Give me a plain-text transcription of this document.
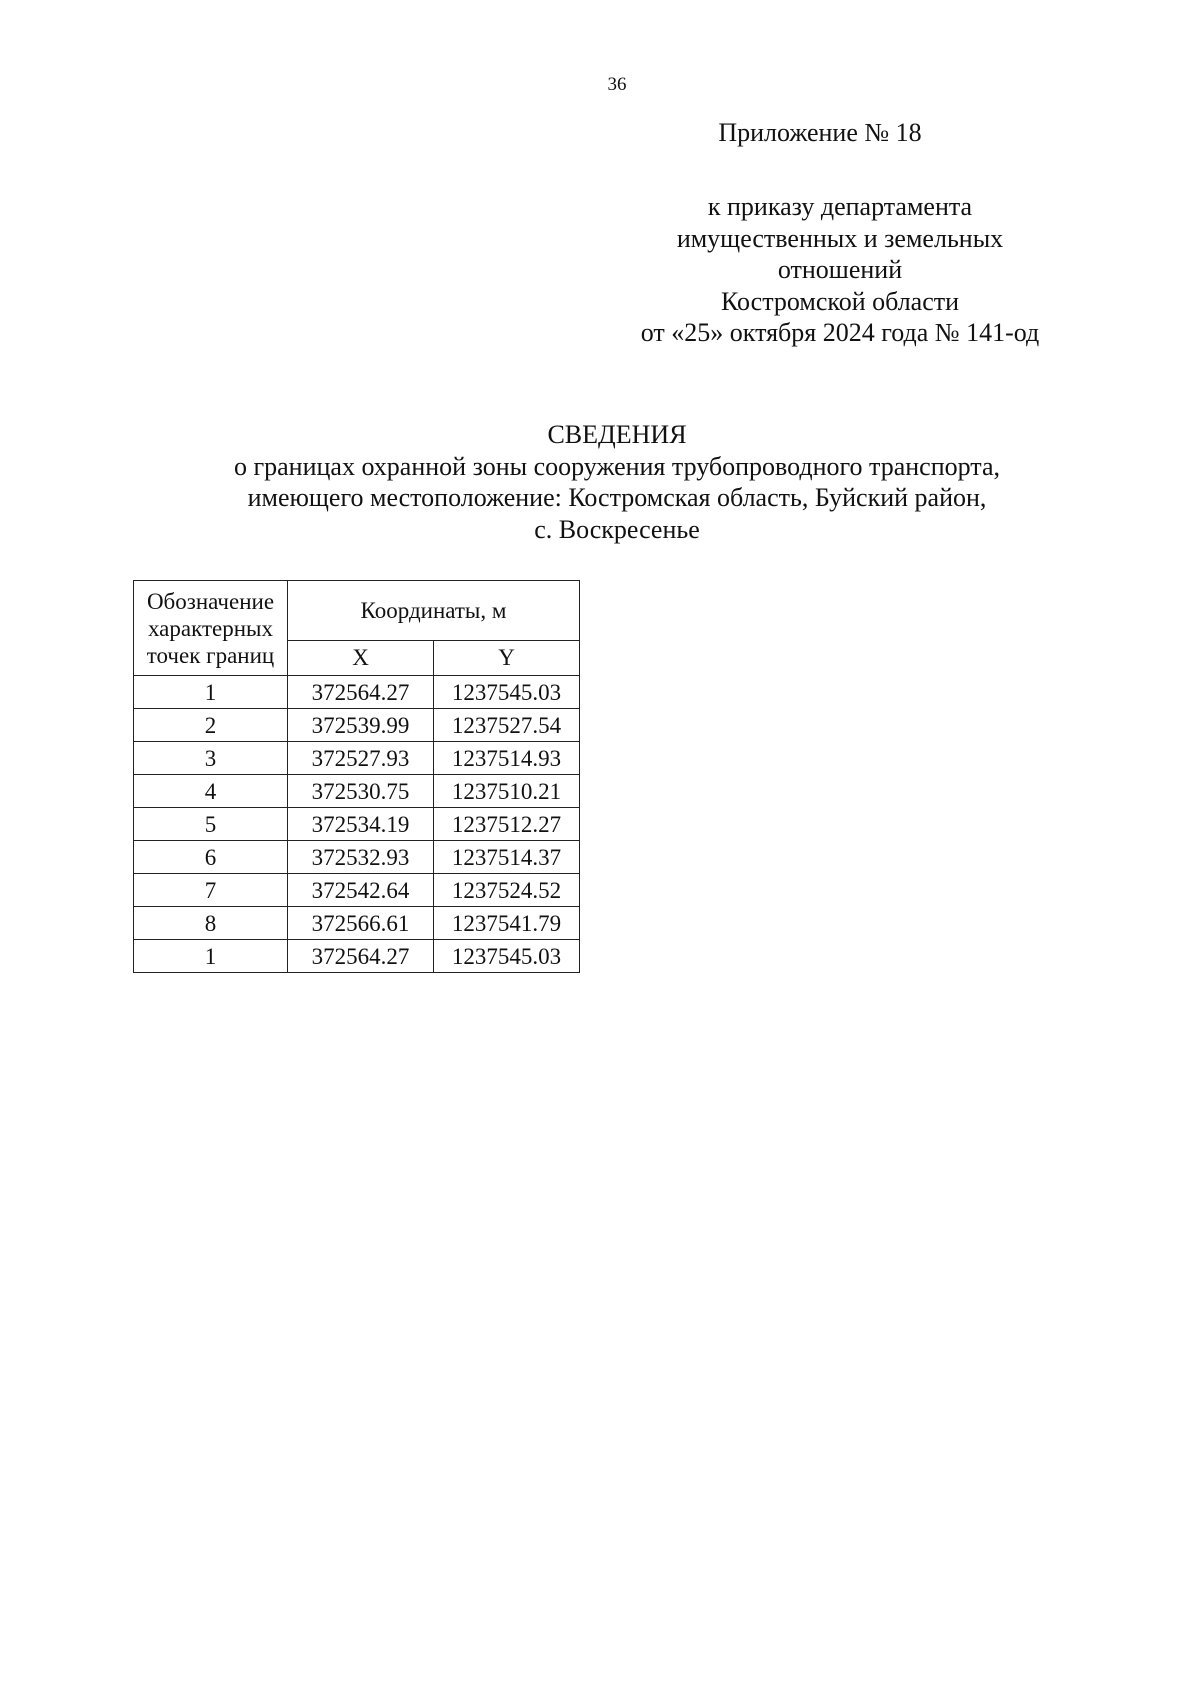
36
Приложение № 18
к приказу департамента
имущественных и земельных
отношений
Костромской области
от «25» октября 2024 года № 141-од
СВЕДЕНИЯ
о границах охранной зоны сооружения трубопроводного транспорта,
имеющего местоположение: Костромская область, Буйский район,
с. Воскресенье
Обозначение
характерных
точек границ	Координаты, м	
	X	Y
1	372564.27	1237545.03
2	372539.99	1237527.54
3	372527.93	1237514.93
4	372530.75	1237510.21
5	372534.19	1237512.27
6	372532.93	1237514.37
7	372542.64	1237524.52
8	372566.61	1237541.79
1	372564.27	1237545.03
